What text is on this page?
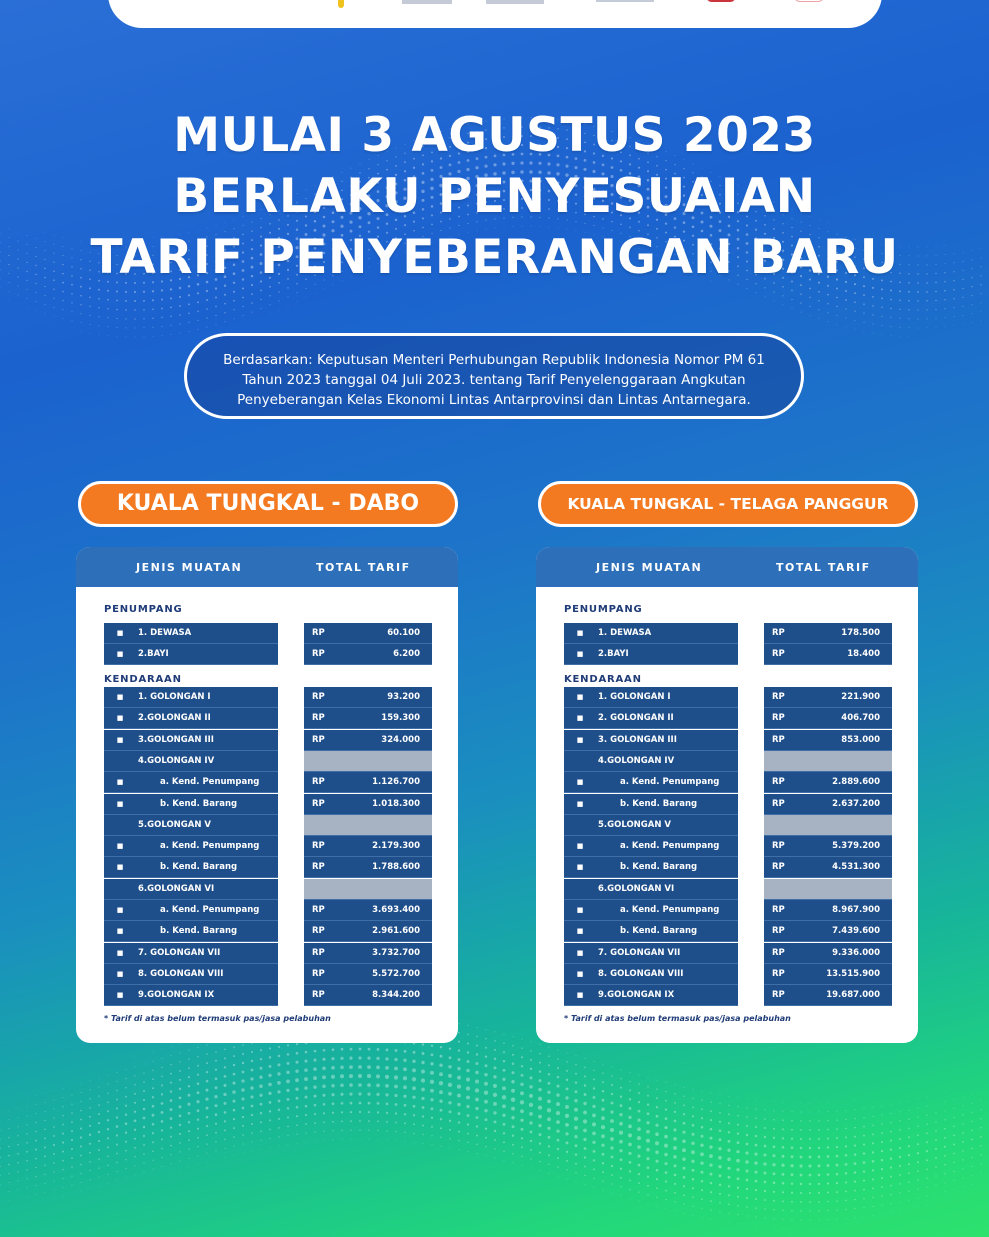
MULAI 3 AGUSTUS 2023
BERLAKU PENYESUAIAN
TARIF PENYEBERANGAN BARU
Berdasarkan: Keputusan Menteri Perhubungan Republik Indonesia Nomor PM 61
Tahun 2023 tanggal 04 Juli 2023. tentang Tarif Penyelenggaraan Angkutan
Penyeberangan Kelas Ekonomi Lintas Antarprovinsi dan Lintas Antarnegara.
KUALA TUNGKAL - DABO	KUALA TUNGKAL - TELAGA PANGGUR
JENIS MUATAN	TOTAL TARIF
PENUMPANG
KENDARAAN
■	1. DEWASA	RP	60.100
■	2.BAYI	RP	6.200
■	1. GOLONGAN I	RP	93.200
■	2.GOLONGAN II	RP	159.300
■	3.GOLONGAN III	RP	324.000
4.GOLONGAN IV
■	a. Kend. Penumpang	RP	1.126.700
■	b. Kend. Barang	RP	1.018.300
5.GOLONGAN V
■	a. Kend. Penumpang	RP	2.179.300
■	b. Kend. Barang	RP	1.788.600
6.GOLONGAN VI
■	a. Kend. Penumpang	RP	3.693.400
■	b. Kend. Barang	RP	2.961.600
■	7. GOLONGAN VII	RP	3.732.700
■	8. GOLONGAN VIII	RP	5.572.700
■	9.GOLONGAN IX	RP	8.344.200
* Tarif di atas belum termasuk pas/jasa pelabuhan
JENIS MUATAN	TOTAL TARIF
PENUMPANG
KENDARAAN
■	1. DEWASA	RP	178.500
■	2.BAYI	RP	18.400
■	1. GOLONGAN I	RP	221.900
■	2. GOLONGAN II	RP	406.700
■	3. GOLONGAN III	RP	853.000
4.GOLONGAN IV
■	a. Kend. Penumpang	RP	2.889.600
■	b. Kend. Barang	RP	2.637.200
5.GOLONGAN V
■	a. Kend. Penumpang	RP	5.379.200
■	b. Kend. Barang	RP	4.531.300
6.GOLONGAN VI
■	a. Kend. Penumpang	RP	8.967.900
■	b. Kend. Barang	RP	7.439.600
■	7. GOLONGAN VII	RP	9.336.000
■	8. GOLONGAN VIII	RP	13.515.900
■	9.GOLONGAN IX	RP	19.687.000
* Tarif di atas belum termasuk pas/jasa pelabuhan
